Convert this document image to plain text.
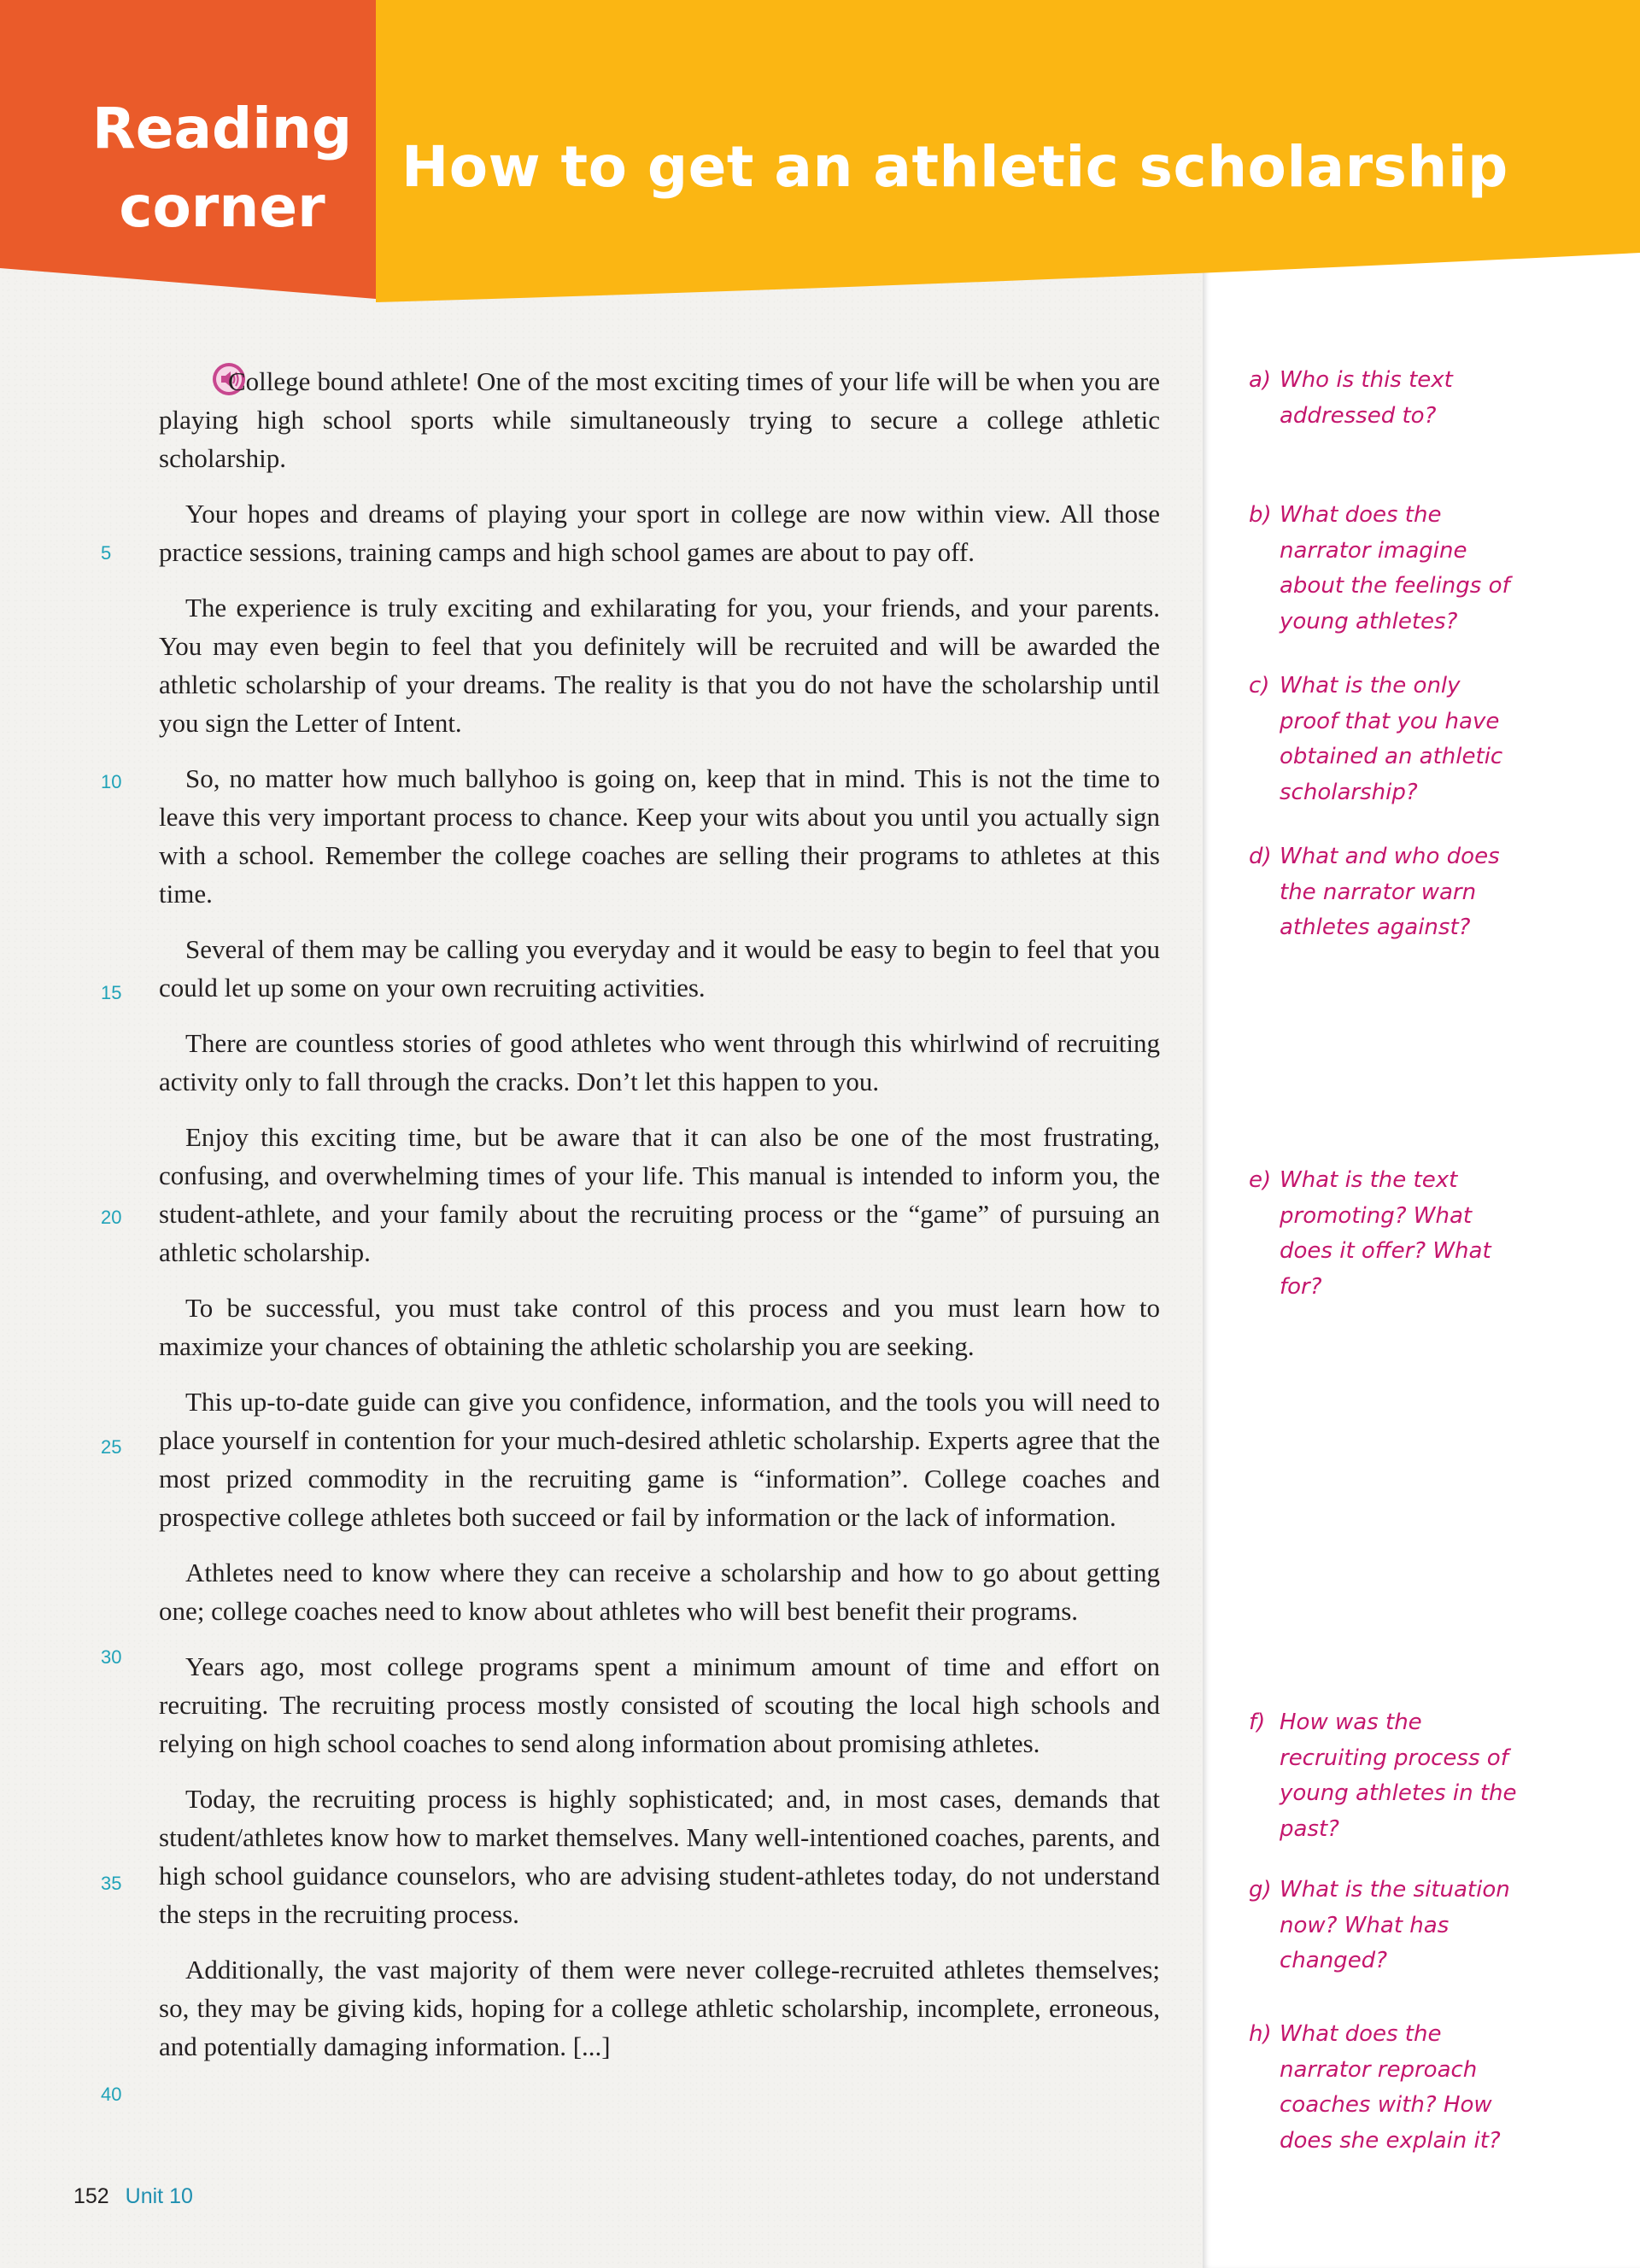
Reading corner
How to get an athletic scholarship

College bound athlete! One of the most exciting times of your life will be when you are playing high school sports while simultaneously trying to secure a college athletic scholarship.

Your hopes and dreams of playing your sport in college are now within view. All those practice sessions, training camps and high school games are about to pay off.

The experience is truly exciting and exhilarating for you, your friends, and your parents. You may even begin to feel that you definitely will be recruited and will be awarded the athletic scholarship of your dreams. The reality is that you do not have the scholarship until you sign the Letter of Intent.

So, no matter how much ballyhoo is going on, keep that in mind. This is not the time to leave this very important process to chance. Keep your wits about you until you actually sign with a school. Remember the college coaches are selling their programs to athletes at this time.

Several of them may be calling you everyday and it would be easy to begin to feel that you could let up some on your own recruiting activities.

There are countless stories of good athletes who went through this whirlwind of recruiting activity only to fall through the cracks. Don’t let this happen to you.

Enjoy this exciting time, but be aware that it can also be one of the most frustrating, confusing, and overwhelming times of your life. This manual is intended to inform you, the student-athlete, and your family about the recruiting process or the “game” of pursuing an athletic scholarship.

To be successful, you must take control of this process and you must learn how to maximize your chances of obtaining the athletic scholarship you are seeking.

This up-to-date guide can give you confidence, information, and the tools you will need to place yourself in contention for your much-desired athletic scholarship. Experts agree that the most prized commodity in the recruiting game is “information”. College coaches and prospective college athletes both succeed or fail by information or the lack of information.

Athletes need to know where they can receive a scholarship and how to go about getting one; college coaches need to know about athletes who will best benefit their programs.

Years ago, most college programs spent a minimum amount of time and effort on recruiting. The recruiting process mostly consisted of scouting the local high schools and relying on high school coaches to send along information about promising athletes.

Today, the recruiting process is highly sophisticated; and, in most cases, demands that student/athletes know how to market themselves. Many well-intentioned coaches, parents, and high school guidance counselors, who are advising student-athletes today, do not understand the steps in the recruiting process.

Additionally, the vast majority of them were never college-recruited athletes themselves; so, they may be giving kids, hoping for a college athletic scholarship, incomplete, erroneous, and potentially damaging information. [...]

5
10
15
20
25
30
35
40
a) Who is this text addressed to?
b) What does the narrator imagine about the feelings of young athletes?
c) What is the only proof that you have obtained an athletic scholarship?
d) What and who does the narrator warn athletes against?
e) What is the text promoting? What does it offer? What for?
f) How was the recruiting process of young athletes in the past?
g) What is the situation now? What has changed?
h) What does the narrator reproach coaches with? How does she explain it?
152 Unit 10
